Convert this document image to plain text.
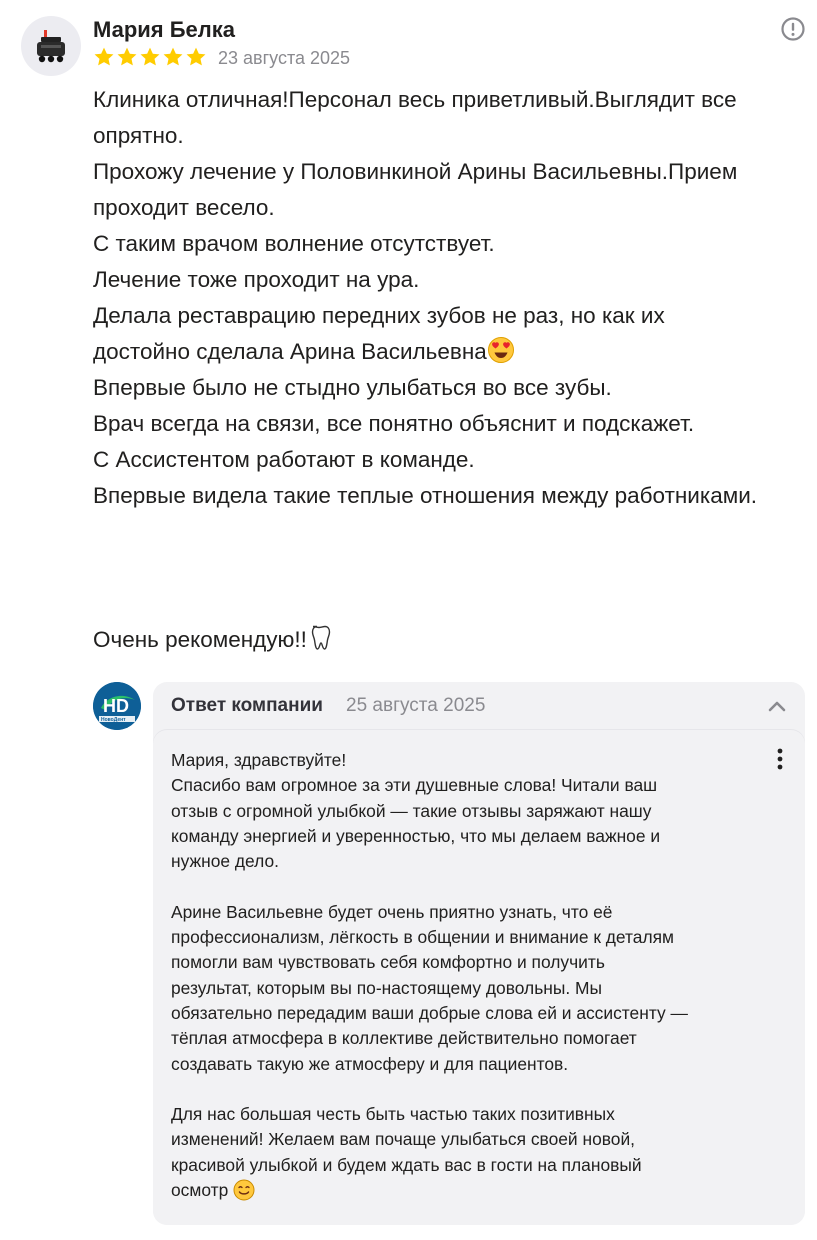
Мария Белка
23 августа 2025
Клиника отличная!Персонал весь приветливый.Выглядит все
опрятно.
Прохожу лечение у Половинкиной Арины Васильевны.Прием
проходит весело.
С таким врачом волнение отсутствует.
Лечение тоже проходит на ура.
Делала реставрацию передних зубов не раз, но как их
достойно сделала Арина Васильевна
Впервые было не стыдно улыбаться во все зубы.
Врач всегда на связи, все понятно объяснит и подскажет.
С Ассистентом работают в команде.
Впервые видела такие теплые отношения между работниками.
Очень рекомендую!!
HD
НовоДент
Ответ компании 25 августа 2025

Мария, здравствуйте!

Спасибо вам огромное за эти душевные слова! Читали ваш

отзыв с огромной улыбкой — такие отзывы заряжают нашу

команду энергией и уверенностью, что мы делаем важное и

нужное дело.

Арине Васильевне будет очень приятно узнать, что её

профессионализм, лёгкость в общении и внимание к деталям

помогли вам чувствовать себя комфортно и получить

результат, которым вы по-настоящему довольны. Мы

обязательно передадим ваши добрые слова ей и ассистенту —

тёплая атмосфера в коллективе действительно помогает

создавать такую же атмосферу и для пациентов.

Для нас большая честь быть частью таких позитивных

изменений! Желаем вам почаще улыбаться своей новой,

красивой улыбкой и будем ждать вас в гости на плановый

осмотр
